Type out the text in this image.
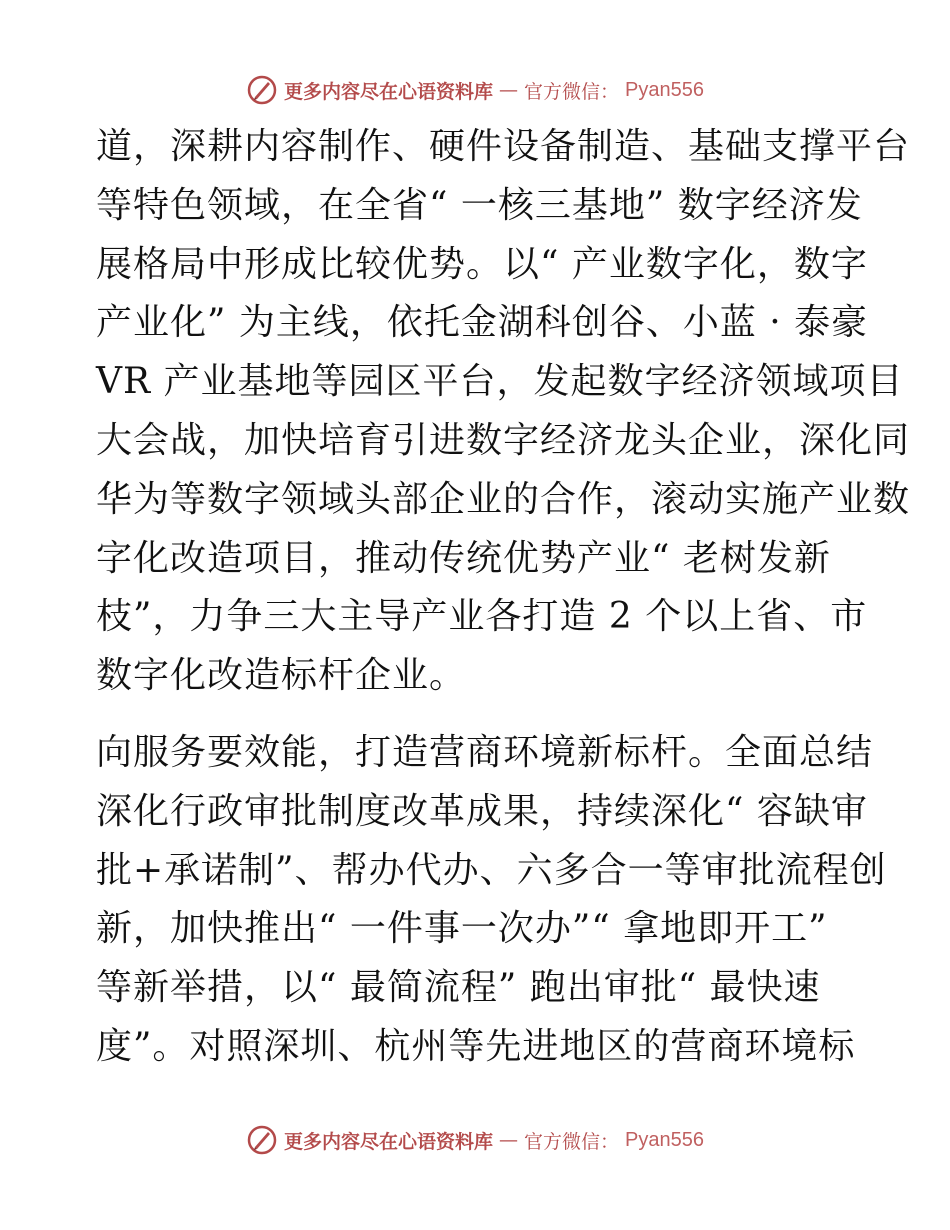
更多内容尽在心语资料库 — 官方微信： Pyan556
道，深耕内容制作、硬件设备制造、基础支撑平台
等特色领域，在全省“ 一核三基地” 数字经济发
展格局中形成比较优势。以“ 产业数字化，数字
产业化” 为主线，依托金湖科创谷、小蓝 · 泰豪
VR 产业基地等园区平台，发起数字经济领域项目
大会战，加快培育引进数字经济龙头企业，深化同
华为等数字领域头部企业的合作，滚动实施产业数
字化改造项目，推动传统优势产业“ 老树发新
枝”，力争三大主导产业各打造 2 个以上省、市
数字化改造标杆企业。
向服务要效能，打造营商环境新标杆。全面总结
深化行政审批制度改革成果，持续深化“ 容缺审
批+承诺制”、帮办代办、六多合一等审批流程创
新，加快推出“ 一件事一次办”“ 拿地即开工”
等新举措，以“ 最简流程” 跑出审批“ 最快速
度”。对照深圳、杭州等先进地区的营商环境标
更多内容尽在心语资料库 — 官方微信： Pyan556
